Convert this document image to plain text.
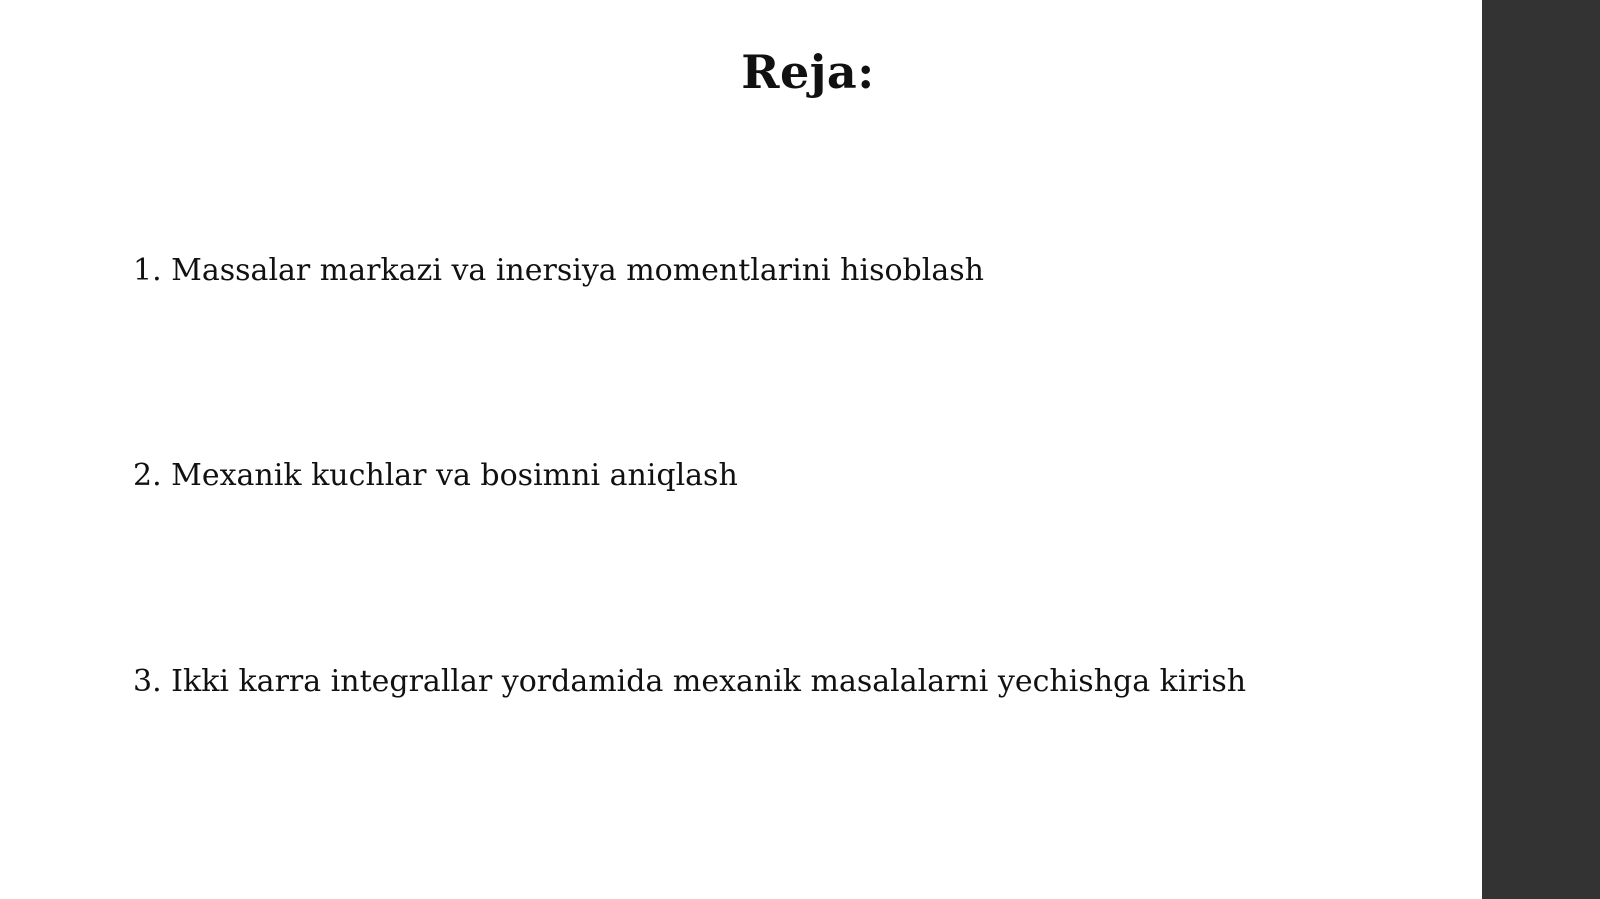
Reja:
1. Massalar markazi va inersiya momentlarini hisoblash
2. Mexanik kuchlar va bosimni aniqlash
3. Ikki karra integrallar yordamida mexanik masalalarni yechishga kirish
